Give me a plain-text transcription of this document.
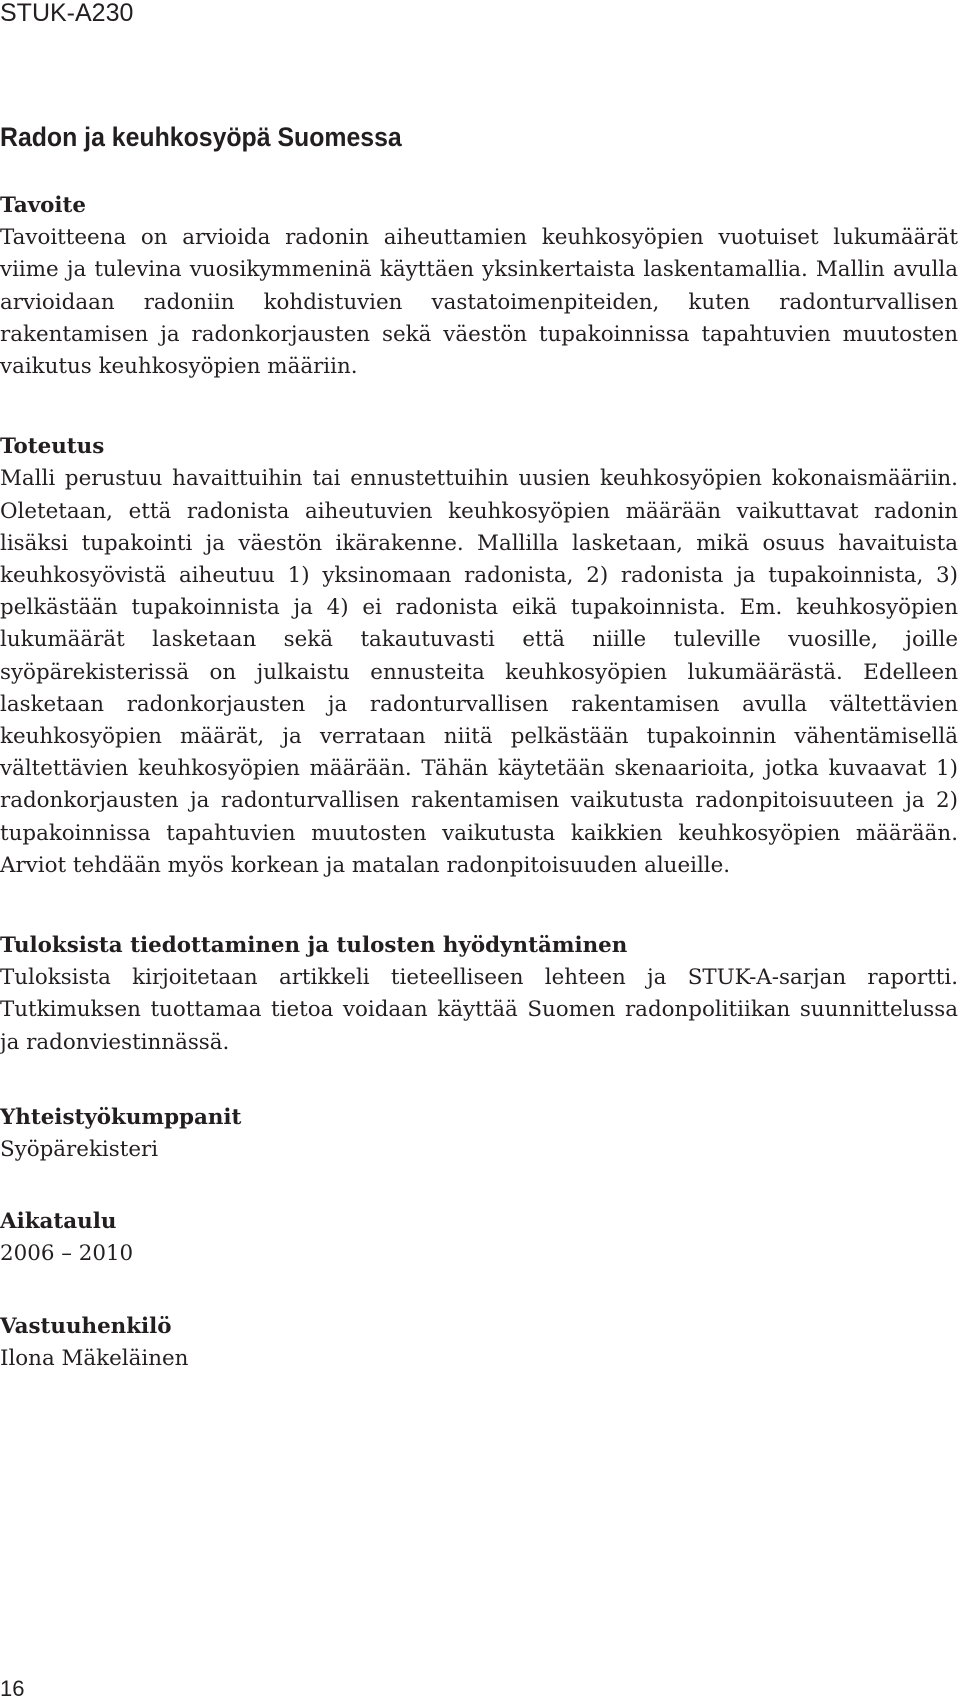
STUK-A230
Radon ja keuhkosyöpä Suomessa
Tavoite

Tavoitteena on arvioida radonin aiheuttamien keuhkosyöpien vuotuiset lukumäärät viime ja tulevina vuosikymmeninä käyttäen yksinkertaista laskentamallia. Mallin avulla arvioidaan radoniin kohdistuvien vastatoimenpiteiden, kuten radonturvallisen rakentamisen ja radonkorjausten sekä väestön tupakoinnissa tapahtuvien muutosten vaikutus keuhkosyöpien määriin.

Toteutus

Malli perustuu havaittuihin tai ennustettuihin uusien keuhkosyöpien kokonaismääriin. Oletetaan, että radonista aiheutuvien keuhkosyöpien määrään vaikuttavat radonin lisäksi tupakointi ja väestön ikärakenne. Mallilla lasketaan, mikä osuus havaituista keuhkosyövistä aiheutuu 1) yksinomaan radonista, 2) radonista ja tupakoinnista, 3) pelkästään tupakoinnista ja 4) ei radonista eikä tupakoinnista. Em. keuhkosyöpien lukumäärät lasketaan sekä takautuvasti että niille tuleville vuosille, joille syöpärekisterissä on julkaistu ennusteita keuhkosyöpien lukumäärästä. Edelleen lasketaan radonkorjausten ja radonturvallisen rakentamisen avulla vältettävien keuhkosyöpien määrät, ja verrataan niitä pelkästään tupakoinnin vähentämisellä vältettävien keuhkosyöpien määrään. Tähän käytetään skenaarioita, jotka kuvaavat 1) radonkorjausten ja radonturvallisen rakentamisen vaikutusta radonpitoisuuteen ja 2) tupakoinnissa tapahtuvien muutosten vaikutusta kaikkien keuhkosyöpien määrään. Arviot tehdään myös korkean ja matalan radonpitoisuuden alueille.

Tuloksista tiedottaminen ja tulosten hyödyntäminen

Tuloksista kirjoitetaan artikkeli tieteelliseen lehteen ja STUK-A-sarjan raportti. Tutkimuksen tuottamaa tietoa voidaan käyttää Suomen radonpolitiikan suunnittelussa ja radonviestinnässä.

Yhteistyökumppanit

Syöpärekisteri

Aikataulu

2006 – 2010

Vastuuhenkilö

Ilona Mäkeläinen

16
